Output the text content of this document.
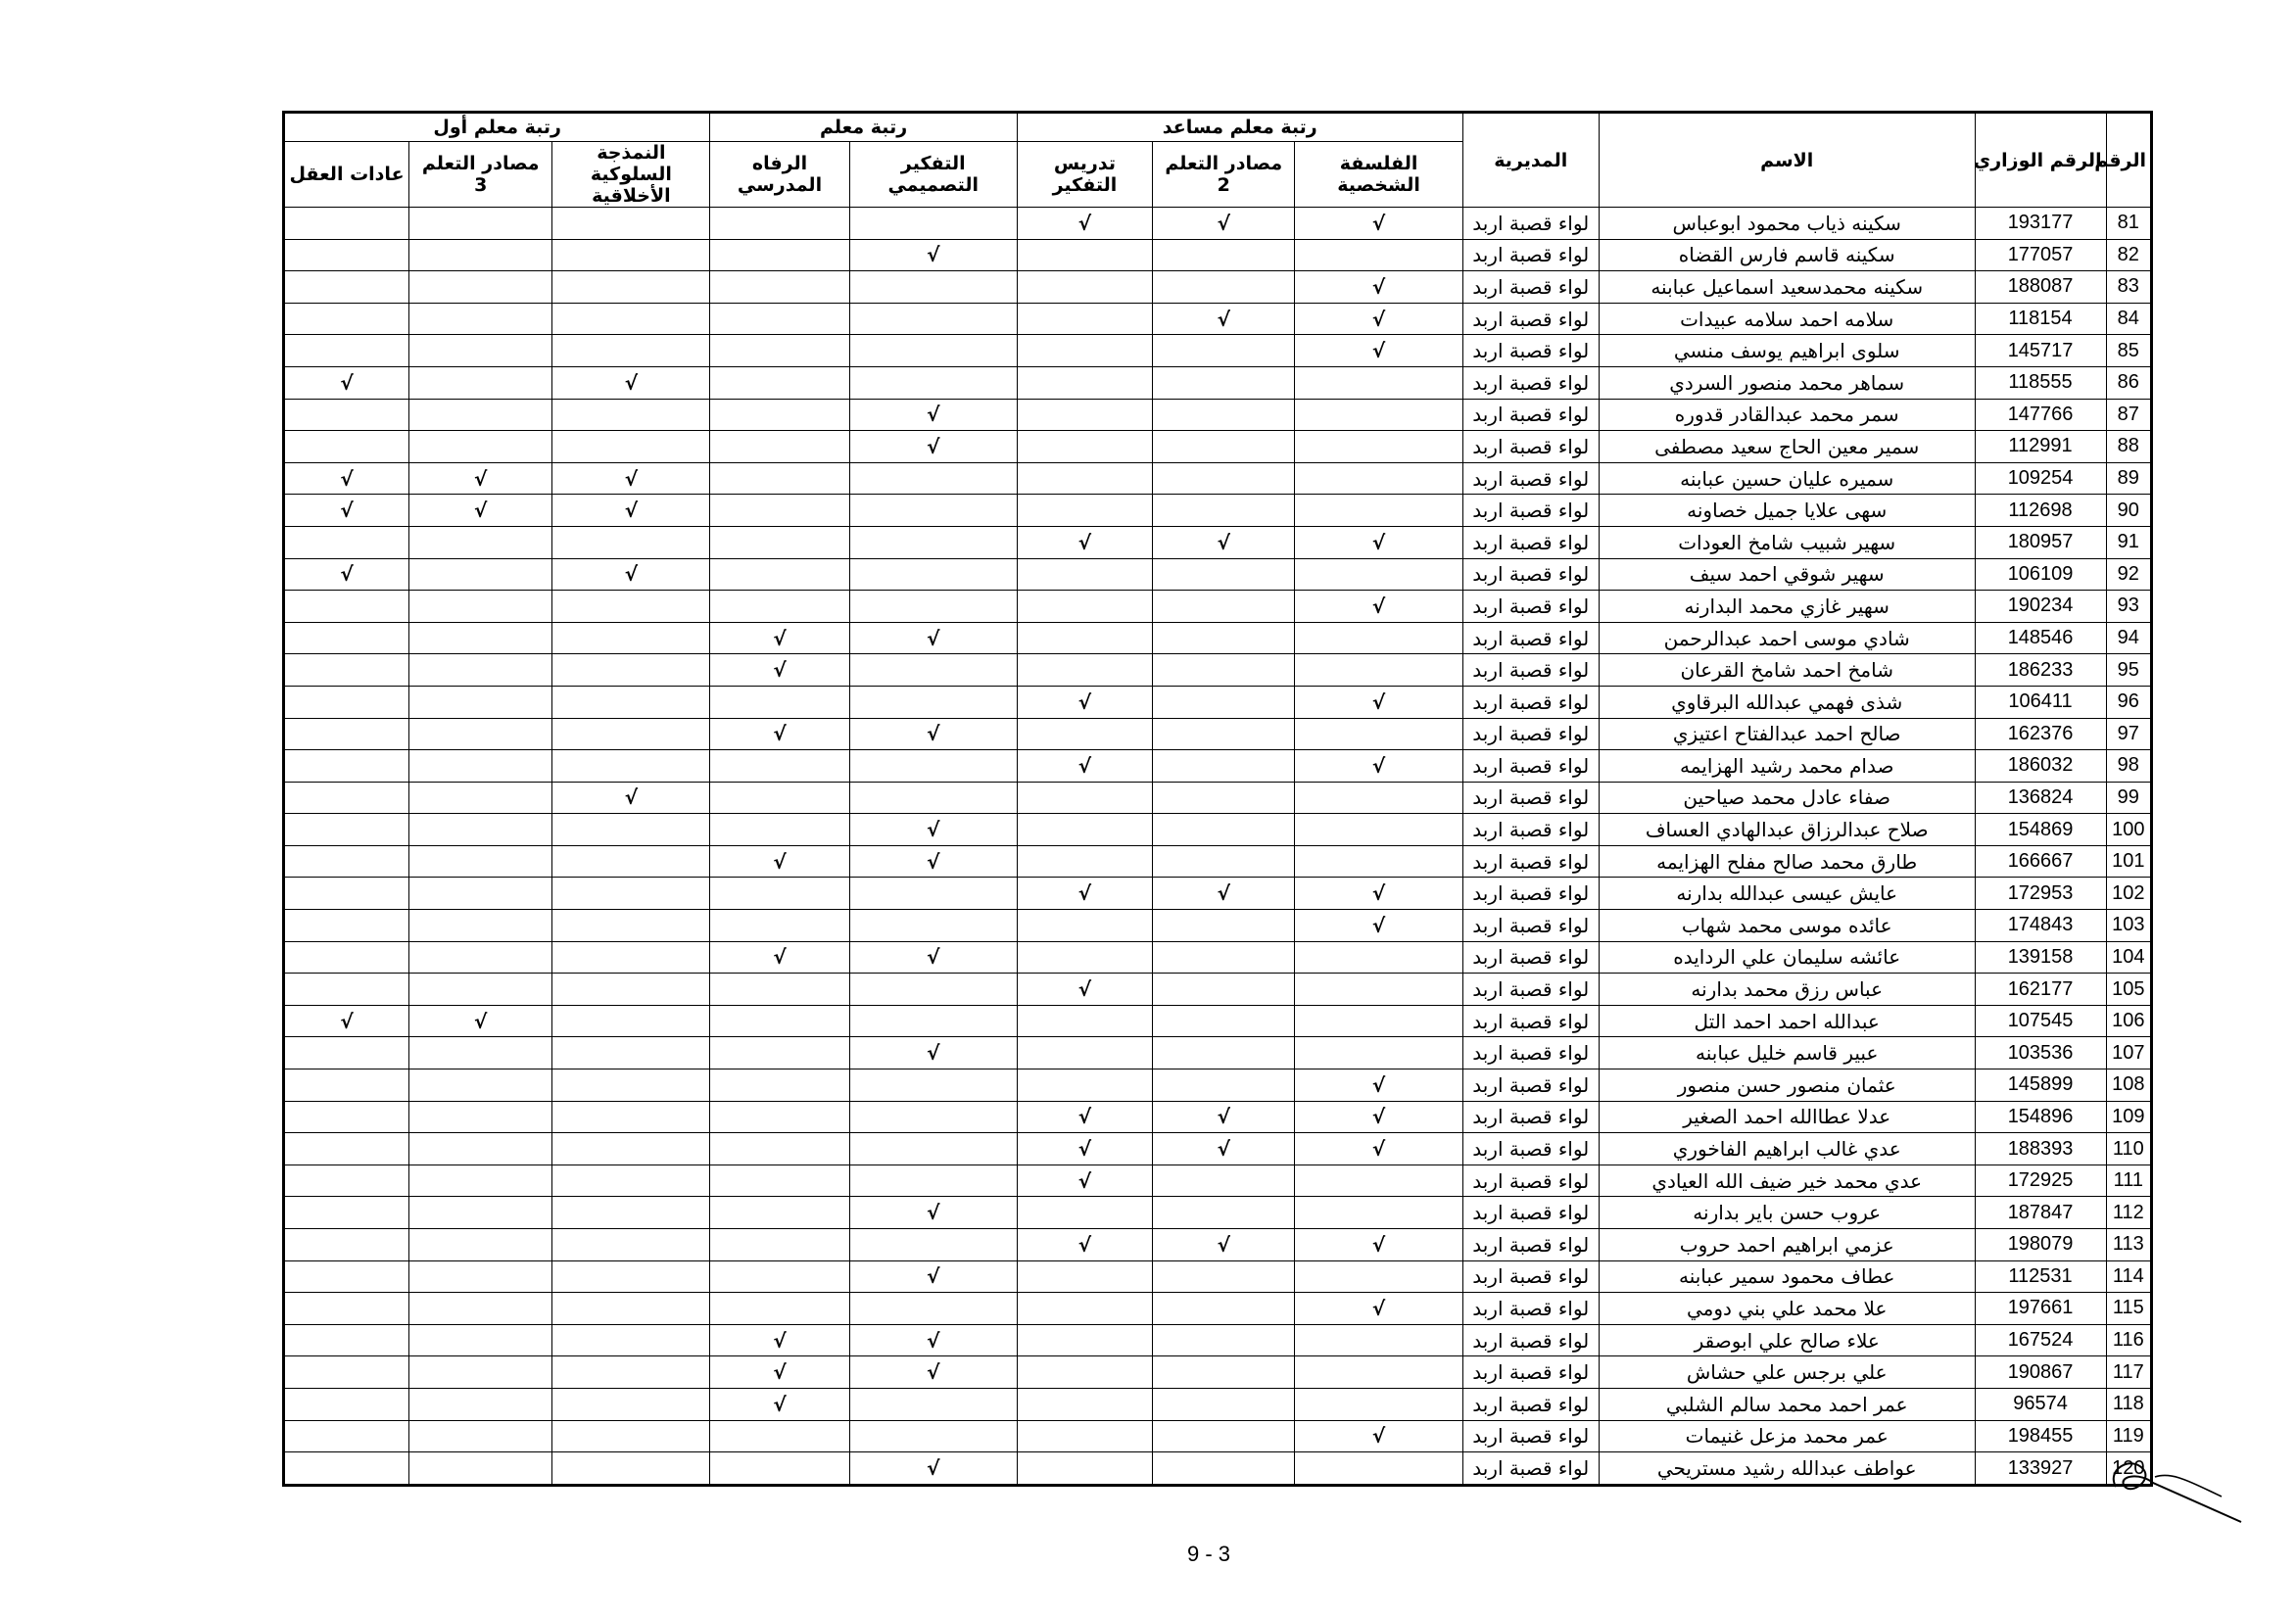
الرقم	الرقم الوزاري	الاسم	المديرية	رتبة معلم مساعد			رتبة معلم		رتبة معلم أول		
				الفلسفة الشخصية	مصادر التعلم 2	تدريس التفكير	التفكير التصميمي	الرفاه المدرسي	النمذجة السلوكية الأخلاقية	مصادر التعلم 3	عادات العقل
81	193177	سكينه ذياب محمود ابوعباس	لواء قصبة اربد	√	√	√					
82	177057	سكينه قاسم فارس القضاه	لواء قصبة اربد				√				
83	188087	سكينه محمدسعيد اسماعيل عبابنه	لواء قصبة اربد	√							
84	118154	سلامه احمد سلامه عبيدات	لواء قصبة اربد	√	√						
85	145717	سلوى ابراهيم يوسف منسي	لواء قصبة اربد	√							
86	118555	سماهر محمد منصور السردي	لواء قصبة اربد						√		√
87	147766	سمر محمد عبدالقادر قدوره	لواء قصبة اربد				√				
88	112991	سمير معين الحاج سعيد مصطفى	لواء قصبة اربد				√				
89	109254	سميره عليان حسين عبابنه	لواء قصبة اربد						√	√	√
90	112698	سهى علايا جميل خصاونه	لواء قصبة اربد						√	√	√
91	180957	سهير شبيب شامخ العودات	لواء قصبة اربد	√	√	√					
92	106109	سهير شوقي احمد سيف	لواء قصبة اربد						√		√
93	190234	سهير غازي محمد البدارنه	لواء قصبة اربد	√							
94	148546	شادي موسى احمد عبدالرحمن	لواء قصبة اربد				√	√			
95	186233	شامخ احمد شامخ القرعان	لواء قصبة اربد					√			
96	106411	شذى فهمي عبدالله البرقاوي	لواء قصبة اربد	√		√					
97	162376	صالح احمد عبدالفتاح اعتيزي	لواء قصبة اربد				√	√			
98	186032	صدام محمد رشيد الهزايمه	لواء قصبة اربد	√		√					
99	136824	صفاء عادل محمد صياحين	لواء قصبة اربد						√		
100	154869	صلاح عبدالرزاق عبدالهادي العساف	لواء قصبة اربد				√				
101	166667	طارق محمد صالح مفلح الهزايمه	لواء قصبة اربد				√	√			
102	172953	عايش عيسى عبدالله بدارنه	لواء قصبة اربد	√	√	√					
103	174843	عائده موسى محمد شهاب	لواء قصبة اربد	√							
104	139158	عائشه سليمان علي الردايده	لواء قصبة اربد				√	√			
105	162177	عباس رزق محمد بدارنه	لواء قصبة اربد			√					
106	107545	عبدالله احمد احمد التل	لواء قصبة اربد							√	√
107	103536	عبير قاسم خليل عبابنه	لواء قصبة اربد				√				
108	145899	عثمان منصور حسن منصور	لواء قصبة اربد	√							
109	154896	عدلا عطاالله احمد الصغير	لواء قصبة اربد	√	√	√					
110	188393	عدي غالب ابراهيم الفاخوري	لواء قصبة اربد	√	√	√					
111	172925	عدي محمد خير ضيف الله العيادي	لواء قصبة اربد			√					
112	187847	عروب حسن باير بدارنه	لواء قصبة اربد				√				
113	198079	عزمي ابراهيم احمد حروب	لواء قصبة اربد	√	√	√					
114	112531	عطاف محمود سمير عبابنه	لواء قصبة اربد				√				
115	197661	علا محمد علي بني دومي	لواء قصبة اربد	√							
116	167524	علاء صالح علي ابوصقر	لواء قصبة اربد				√	√			
117	190867	علي برجس علي حشاش	لواء قصبة اربد				√	√			
118	96574	عمر احمد محمد سالم الشلبي	لواء قصبة اربد					√			
119	198455	عمر محمد مزعل غنيمات	لواء قصبة اربد	√							
120	133927	عواطف عبدالله رشيد مستريحي	لواء قصبة اربد				√				
9 - 3
